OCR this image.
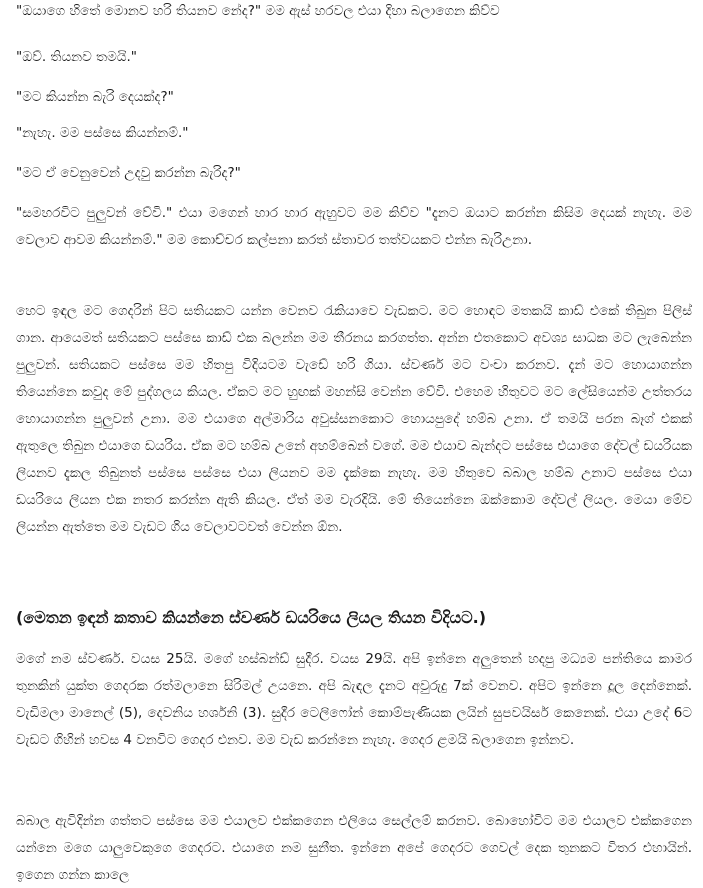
"ඔයාගෙ හිතේ මොනව හරි තියනව නේද?" මම ඇස් හරවල එයා දිහා බලාගෙන කිව්ව

"ඔව්. තියනව තමයි."

"මට කියන්න බැරි දෙයක්ද?"

"නැහැ. මම පස්සෙ කියන්නම්."

"මට ඒ වෙනුවෙන් උදවු කරන්න බැරිද?"

"සමහරවිට පුලුවන් වේවි." එයා මගෙන් හාර හාර ඇහුවට මම කිව්ව "දැනට ඔයාට කරන්න කිසිම දෙයක් නැහැ. මම වෙලාව ආවම කියන්නම්." මම කොච්චර කල්පනා කරත් ස්තාවර තත්වයකට එන්න බැරිඋනා.

හෙට ඉඳල මට ගෙදරින් පිට සතියකට යන්න වෙනව රැකියාවෙ වැඩකට. මට හොඳට මතකයි කාඩ් එකේ තිබුන පිලිස් ගාන. ආයෙමත් සතියකට පස්සෙ කාඩ් එක බලන්න මම තීරනය කරගත්ත. අන්න එතකොට අවශ්‍ය සාධක මට ලැබෙන්න පුලුවන්. සතියකට පස්සෙ මම හිතපු විදියටම වැඩේ හරි ගියා. ස්වර්ණ මට වංචා කරනව. දැන් මට හොයාගන්න තියෙන්නෙ කවුද මේ පුද්ගලය කියල. ඒකට මට හුඟක් මහන්සි වෙන්න වේවි. එහෙම හිතුවට මට ලේසියෙන්ම උත්තරය හොයාගන්න පුලුවන් උනා. මම එයාගෙ අල්මාරිය අවුස්සනකොට හොයපුදේ හම්බ උනා. ඒ තමයි පරන බෑග් එකක් ඇතුලෙ තිබුන එයාගෙ ඩයරිය. ඒක මට හම්බ උනේ අහම්බෙන් වගේ. මම එයාව බැන්දට පස්සෙ එයාගෙ දේවල් ඩයරියක ලියනව දැකල තිබුනත් පස්සෙ පස්සෙ එයා ලියනව මම දැක්කෙ නැහැ. මම හිතුවෙ බබාල හම්බ උනාට පස්සෙ එයා ඩයරියෙ ලියන එක නතර කරන්න ඇති කියල. ඒත් මම වැරදියි. මේ තියෙන්නෙ ඔක්කොම දේවල් ලියල. මෙයා මේව ලියන්න ඇත්තෙ මම වැඩට ගිය වෙලාවටවත් වෙන්න ඕන.

(මෙතන ඉඳන් කතාව කියන්නෙ ස්වර්ණ ඩයරියෙ ලියල තියන විදියට.)

මගේ නම ස්වර්ණ. වයස 25යි. මගේ හස්බන්ඩ් සුදීර. වයස 29යි. අපි ඉන්නෙ අලුතෙන් හදපු මධ්‍යම පන්තියෙ කාමර තුනකින් යුක්ත ගෙදරක රත්මලානෙ සිරිමල් උයනෙ. අපි බැඳල දැනට අවුරුදු 7ක් වෙනව. අපිට ඉන්නෙ දූල දෙන්නෙක්. වැඩිමලා මානෙල් (5), දෙවනිය හර්ශනි (3). සුදීර ටෙලිෆෝන් කොම්පැණියක ලයින් සුපවයිසර් කෙනෙක්. එයා උදේ 6ට වැඩට ගිහින් හවස 4 වනවිට ගෙදර එනව. මම වැඩ කරන්නෙ නැහැ. ගෙදර ළමයි බලාගෙන ඉන්නව.

බබාල ඇවිදින්න ගත්තට පස්සෙ මම එයාලව එක්කගෙන එලියෙ සෙල්ලම් කරනව. බොහෝවිට මම එයාලව එක්කගෙන යන්නෙ මගෙ යාලුවෙකුගෙ ගෙදරට. එයාගෙ නම සුනීත. ඉන්නෙ අපේ ගෙදරට ගෙවල් දෙක තුනකට විතර එහායින්. ඉගෙන ගන්න කාලෙ
